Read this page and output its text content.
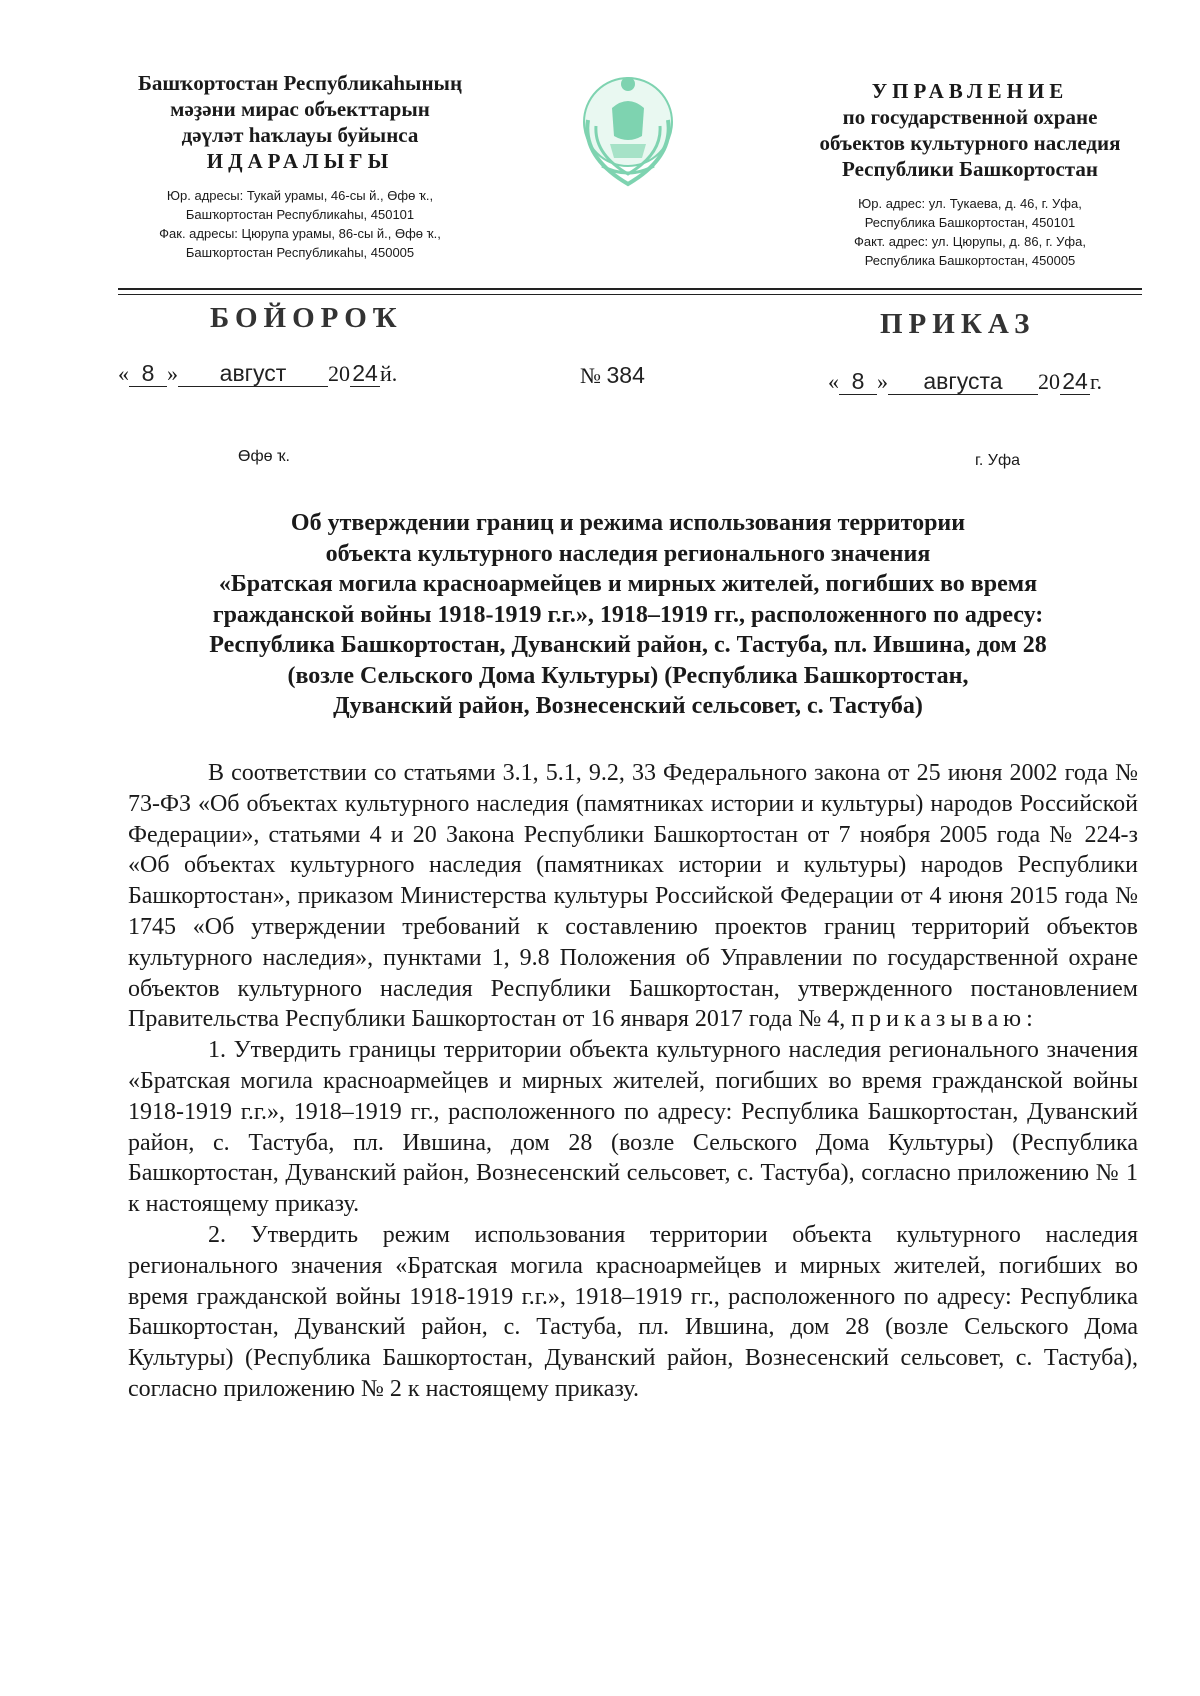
Башҡортостан Республикаһының
мәҙәни мирас объекттарын
дәүләт һаҡлауы буйынса
ИДАРАЛЫҒЫ
Юр. адресы: Тукай урамы, 46-сы й., Өфө ҡ.,
Башҡортостан Республикаһы, 450101
Фак. адресы: Цюрупа урамы, 86-сы й., Өфө ҡ.,
Башҡортостан Республикаһы, 450005
УПРАВЛЕНИЕ
по государственной охране
объектов культурного наследия
Республики Башкортостан
Юр. адрес: ул. Тукаева, д. 46, г. Уфа,
Республика Башкортостан, 450101
Факт. адрес: ул. Цюрупы, д. 86, г. Уфа,
Республика Башкортостан, 450005
БОЙОРОҠ	ПРИКАЗ
« 8 » август 2024 й.	№ 384	« 8 » августа 2024 г.
Өфө ҡ.	г. Уфа
Об утверждении границ и режима использования территории
объекта культурного наследия регионального значения
«Братская могила красноармейцев и мирных жителей, погибших во время
гражданской войны 1918-1919 г.г.», 1918–1919 гг., расположенного по адресу:
Республика Башкортостан, Дуванский район, с. Тастуба, пл. Ившина, дом 28
(возле Сельского Дома Культуры) (Республика Башкортостан,
Дуванский район, Вознесенский сельсовет, с. Тастуба)

В соответствии со статьями 3.1, 5.1, 9.2, 33 Федерального закона от 25 июня 2002 года № 73-ФЗ «Об объектах культурного наследия (памятниках истории и культуры) народов Российской Федерации», статьями 4 и 20 Закона Республики Башкортостан от 7 ноября 2005 года № 224-з «Об объектах культурного наследия (памятниках истории и культуры) народов Республики Башкортостан», приказом Министерства культуры Российской Федерации от 4 июня 2015 года № 1745 «Об утверждении требований к составлению проектов границ территорий объектов культурного наследия», пунктами 1, 9.8 Положения об Управлении по государственной охране объектов культурного наследия Республики Башкортостан, утвержденного постановлением Правительства Республики Башкортостан от 16 января 2017 года № 4, приказываю:

1. Утвердить границы территории объекта культурного наследия регионального значения «Братская могила красноармейцев и мирных жителей, погибших во время гражданской войны 1918-1919 г.г.», 1918–1919 гг., расположенного по адресу: Республика Башкортостан, Дуванский район, с. Тастуба, пл. Ившина, дом 28 (возле Сельского Дома Культуры) (Республика Башкортостан, Дуванский район, Вознесенский сельсовет, с. Тастуба), согласно приложению № 1 к настоящему приказу.

2. Утвердить режим использования территории объекта культурного наследия регионального значения «Братская могила красноармейцев и мирных жителей, погибших во время гражданской войны 1918-1919 г.г.», 1918–1919 гг., расположенного по адресу: Республика Башкортостан, Дуванский район, с. Тастуба, пл. Ившина, дом 28 (возле Сельского Дома Культуры) (Республика Башкортостан, Дуванский район, Вознесенский сельсовет, с. Тастуба), согласно приложению № 2 к настоящему приказу.
